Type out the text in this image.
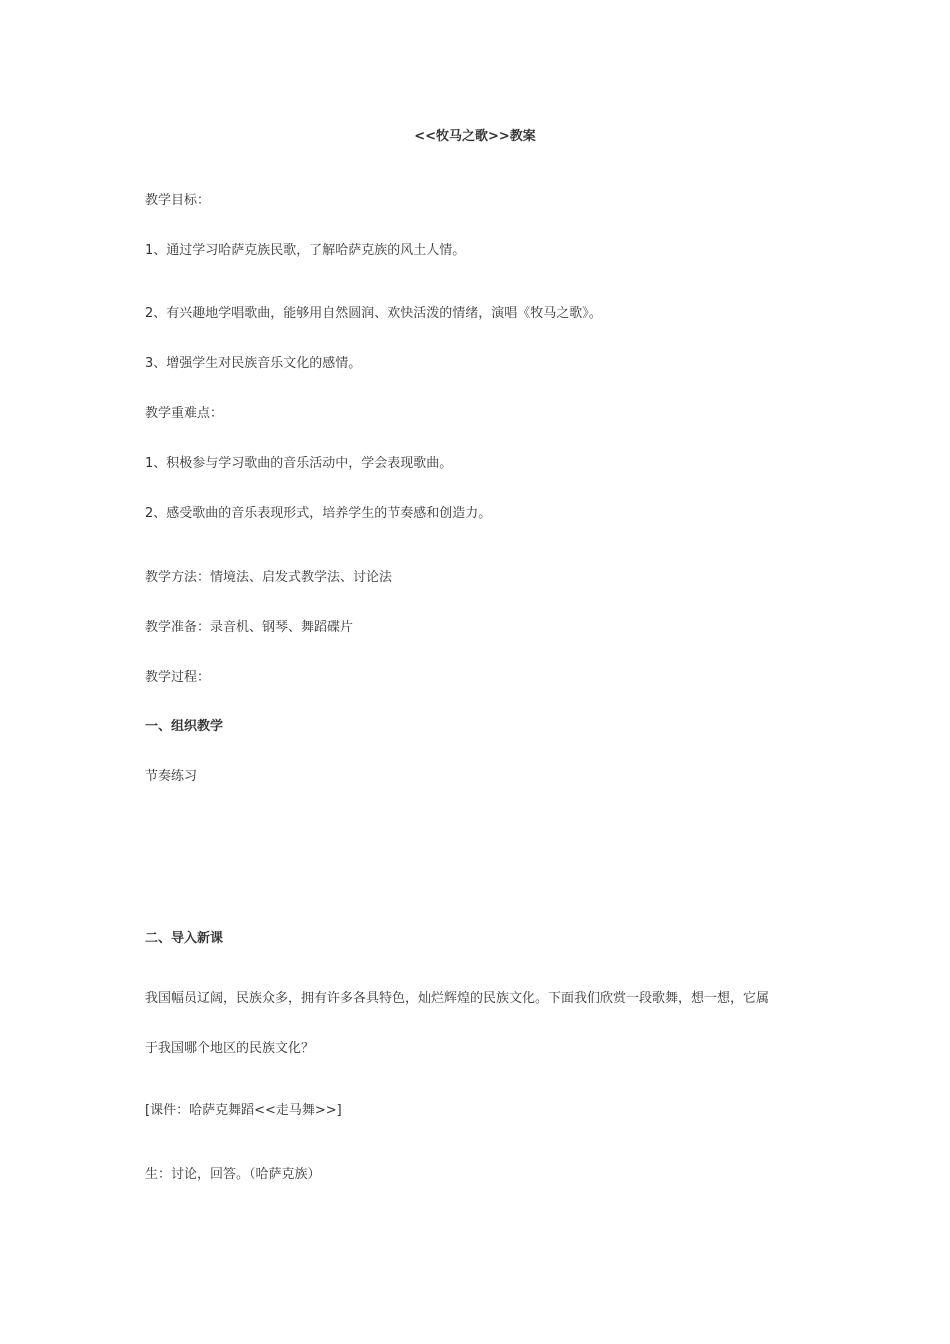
<<牧马之歌>>教案
教学目标：
1、通过学习哈萨克族民歌，了解哈萨克族的风土人情。
2、有兴趣地学唱歌曲，能够用自然圆润、欢快活泼的情绪，演唱《牧马之歌》。
3、增强学生对民族音乐文化的感情。
教学重难点：
1、积极参与学习歌曲的音乐活动中，学会表现歌曲。
2、感受歌曲的音乐表现形式，培养学生的节奏感和创造力。
教学方法：情境法、启发式教学法、讨论法
教学准备：录音机、钢琴、舞蹈碟片
教学过程：
一、组织教学
节奏练习
二、导入新课
我国幅员辽阔，民族众多，拥有许多各具特色，灿烂辉煌的民族文化。下面我们欣赏一段歌舞，想一想，它属
于我国哪个地区的民族文化？
[课件：哈萨克舞蹈<<走马舞>>]
生：讨论，回答。（哈萨克族）
